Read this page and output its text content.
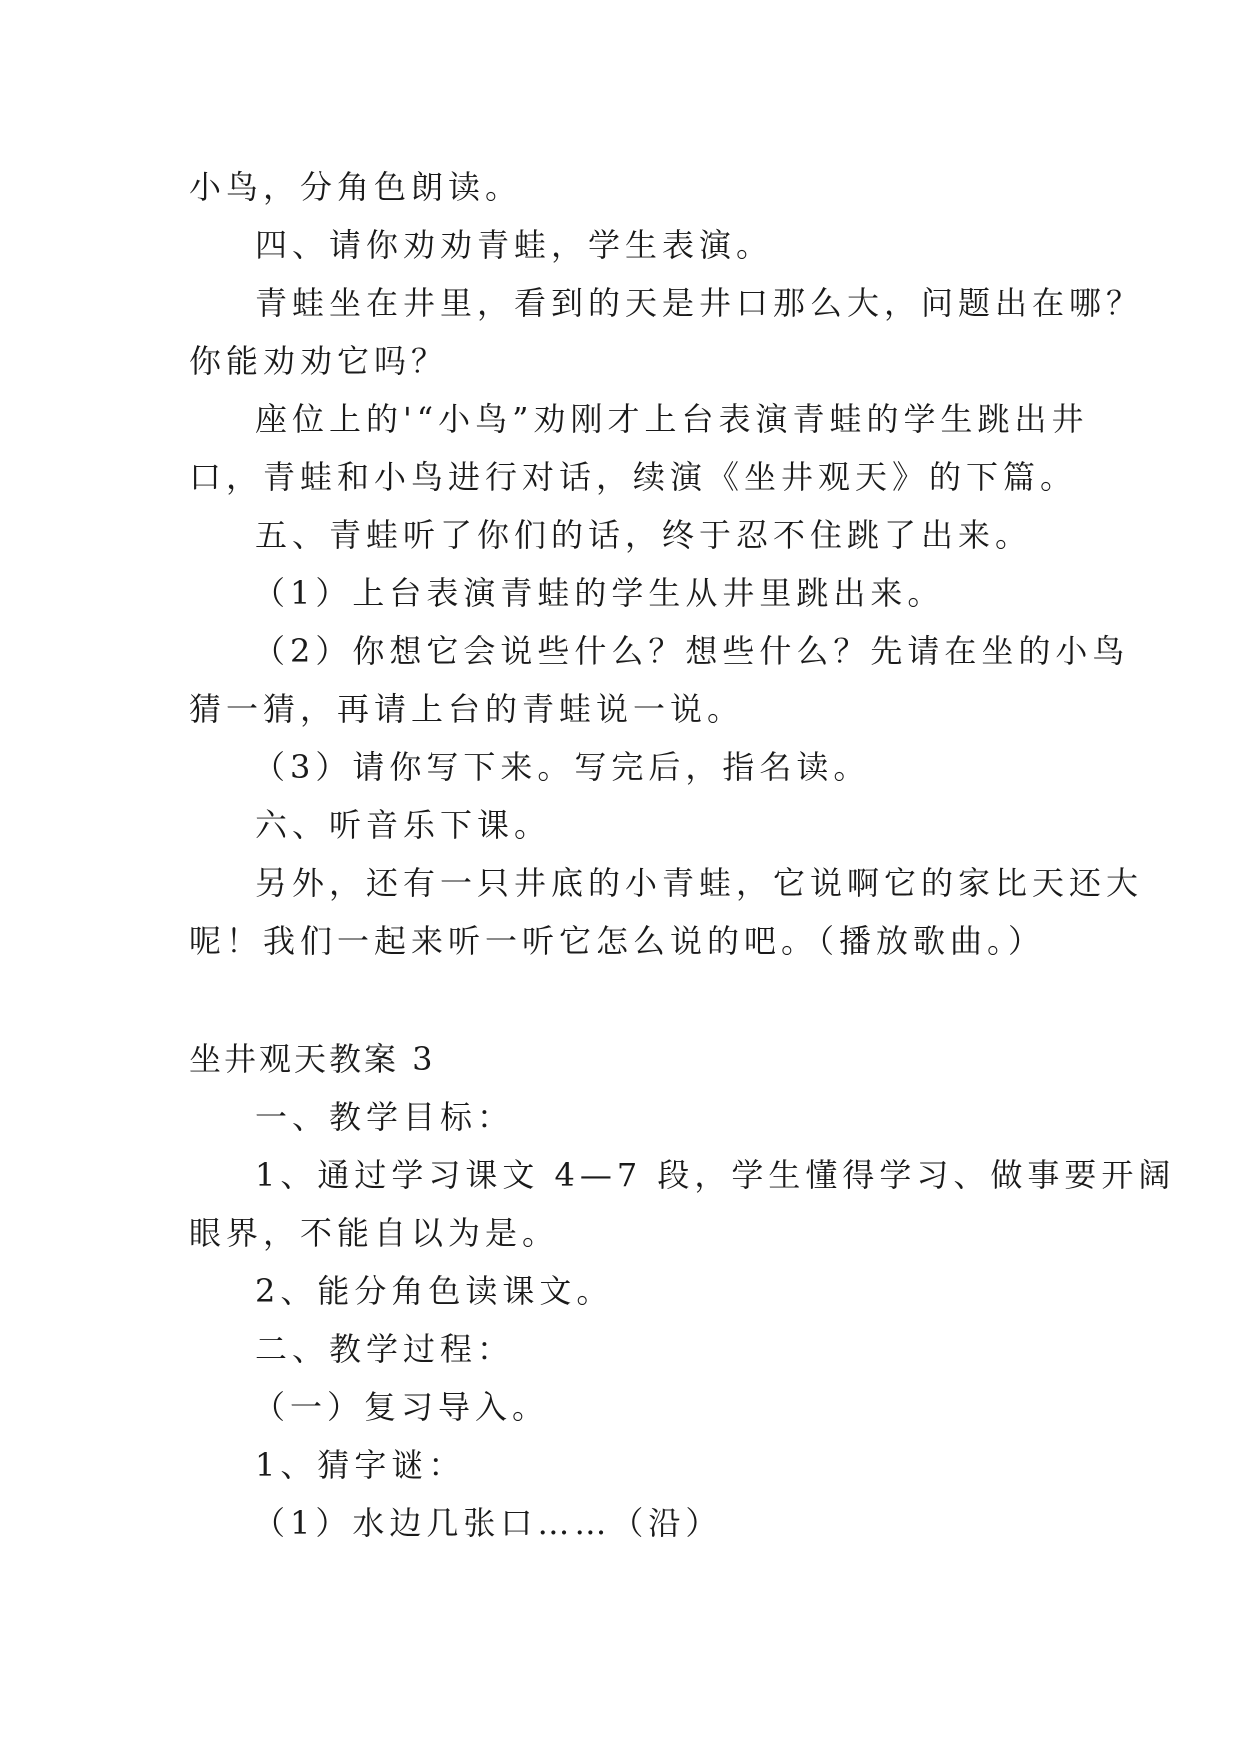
小鸟，分角色朗读。
四、请你劝劝青蛙，学生表演。
青蛙坐在井里，看到的天是井口那么大，问题出在哪？
你能劝劝它吗？
座位上的'“小鸟”劝刚才上台表演青蛙的学生跳出井
口，青蛙和小鸟进行对话，续演《坐井观天》的下篇。
五、青蛙听了你们的话，终于忍不住跳了出来。
（1）上台表演青蛙的学生从井里跳出来。
（2）你想它会说些什么？想些什么？先请在坐的小鸟
猜一猜，再请上台的青蛙说一说。
（3）请你写下来。写完后，指名读。
六、听音乐下课。
另外，还有一只井底的小青蛙，它说啊它的家比天还大
呢！我们一起来听一听它怎么说的吧。（播放歌曲。）
坐井观天教案 3
一、教学目标：
1、通过学习课文 4—7 段，学生懂得学习、做事要开阔
眼界，不能自以为是。
2、能分角色读课文。
二、教学过程：
（一）复习导入。
1、猜字谜：
（1）水边几张口……（沿）
